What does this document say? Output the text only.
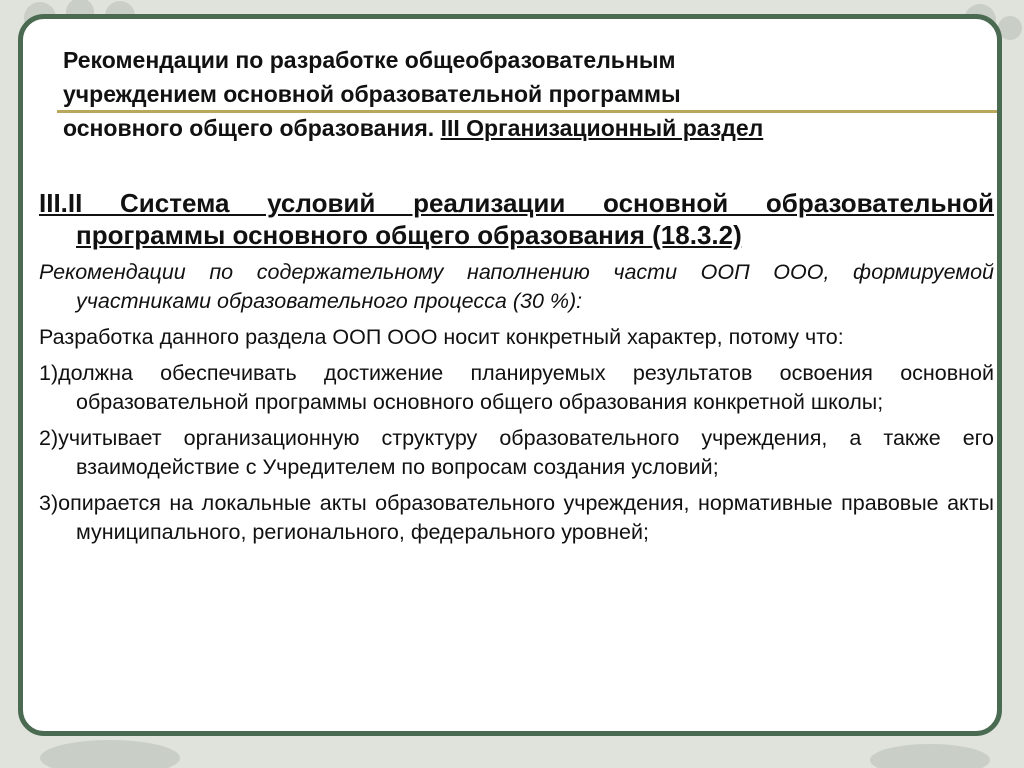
Рекомендации по разработке общеобразовательным
учреждением основной образовательной программы
основного общего образования. III Организационный раздел

III.II Система условий реализации основной образовательной программы основного общего образования (18.3.2)

Рекомендации по содержательному наполнению части ООП ООО, формируемой участниками образовательного процесса (30 %):

Разработка данного раздела ООП ООО носит конкретный характер, потому что:

1)должна обеспечивать достижение планируемых результатов освоения основной образовательной программы основного общего образования конкретной школы;

2)учитывает организационную структуру образовательного учреждения, а также его взаимодействие с Учредителем по вопросам создания условий;

3)опирается на локальные акты образовательного учреждения, нормативные правовые акты муниципального, регионального, федерального уровней;
